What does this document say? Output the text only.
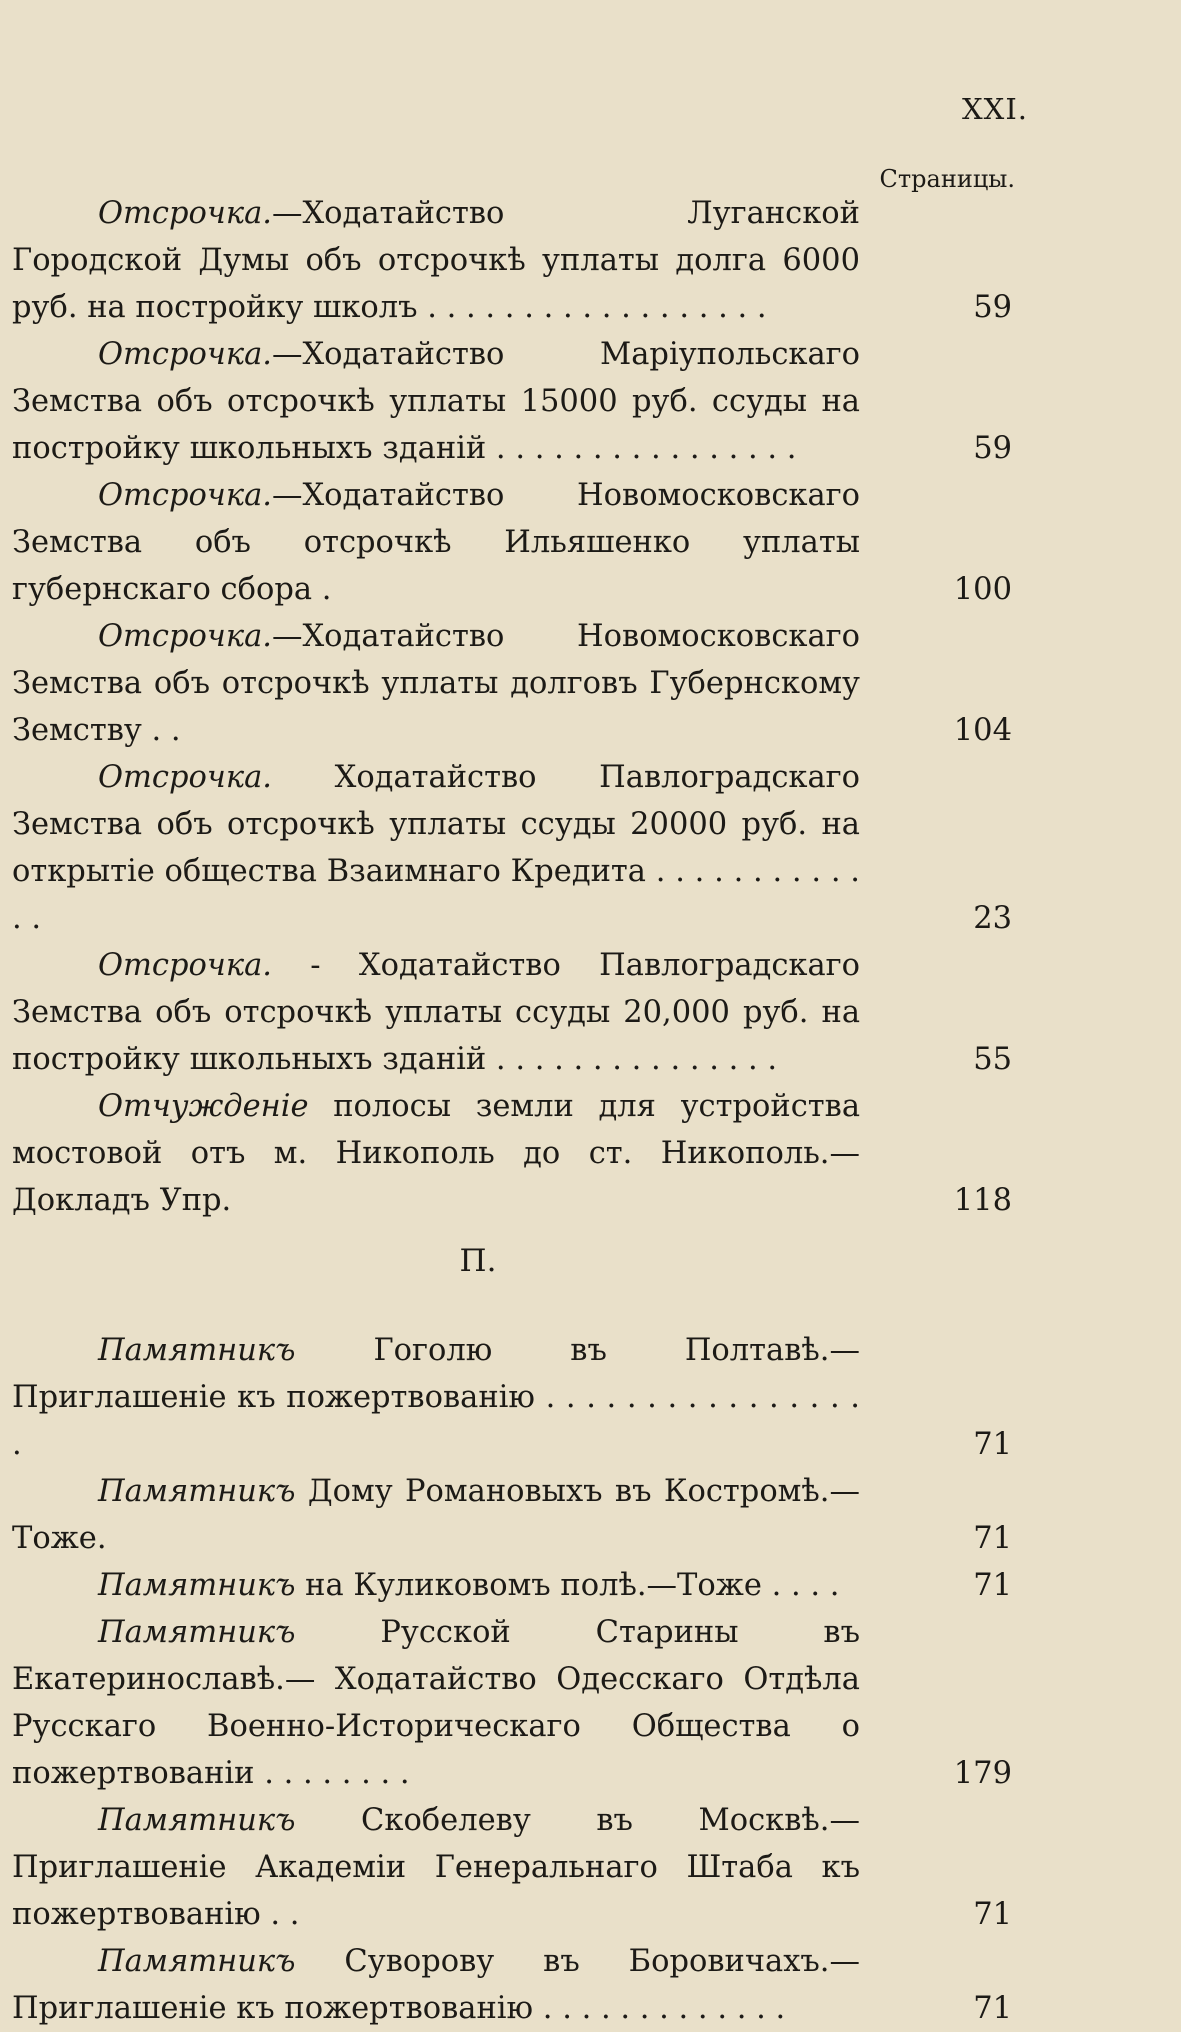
XXI.
Страницы.
Отсрочка.—Ходатайство Луганской Городской Думы объ отсрочкѣ уплаты долга 6000 руб. на постройку школъ . . . . . . . . . . . . . . . . . .	59
Отсрочка.—Ходатайство Маріупольскаго Земства объ отсрочкѣ уплаты 15000 руб. ссуды на постройку школьныхъ зданій . . . . . . . . . . . . . . . .	59
Отсрочка.—Ходатайство Новомосковскаго Земства объ отсрочкѣ Ильяшенко уплаты губернскаго сбора .	100
Отсрочка.—Ходатайство Новомосковскаго Земства объ отсрочкѣ уплаты долговъ Губернскому Земству . .	104
Отсрочка. Ходатайство Павлоградскаго Земства объ отсрочкѣ уплаты ссуды 20000 руб. на открытіе общества Взаимнаго Кредита . . . . . . . . . . . . .	23
Отсрочка. - Ходатайство Павлоградскаго Земства объ отсрочкѣ уплаты ссуды 20,000 руб. на постройку школьныхъ зданій . . . . . . . . . . . . . . .	55
Отчужденіе полосы земли для устройства мостовой отъ м. Никополь до ст. Никополь.—Докладъ Упр.	118
П.
Памятникъ Гоголю въ Полтавѣ.—Приглашеніе къ пожертвованію . . . . . . . . . . . . . . . . .	71
Памятникъ Дому Романовыхъ въ Костромѣ.—Тоже.	71
Памятникъ на Куликовомъ полѣ.—Тоже . . . .	71
Памятникъ Русской Старины въ Екатеринославѣ.— Ходатайство Одесскаго Отдѣла Русскаго Военно-Историческаго Общества о пожертвованіи . . . . . . . .	179
Памятникъ Скобелеву въ Москвѣ.—Приглашеніе Академіи Генеральнаго Штаба къ пожертвованію . .	71
Памятникъ Суворову въ Боровичахъ.—Приглашеніе къ пожертвованію . . . . . . . . . . . . .	71
